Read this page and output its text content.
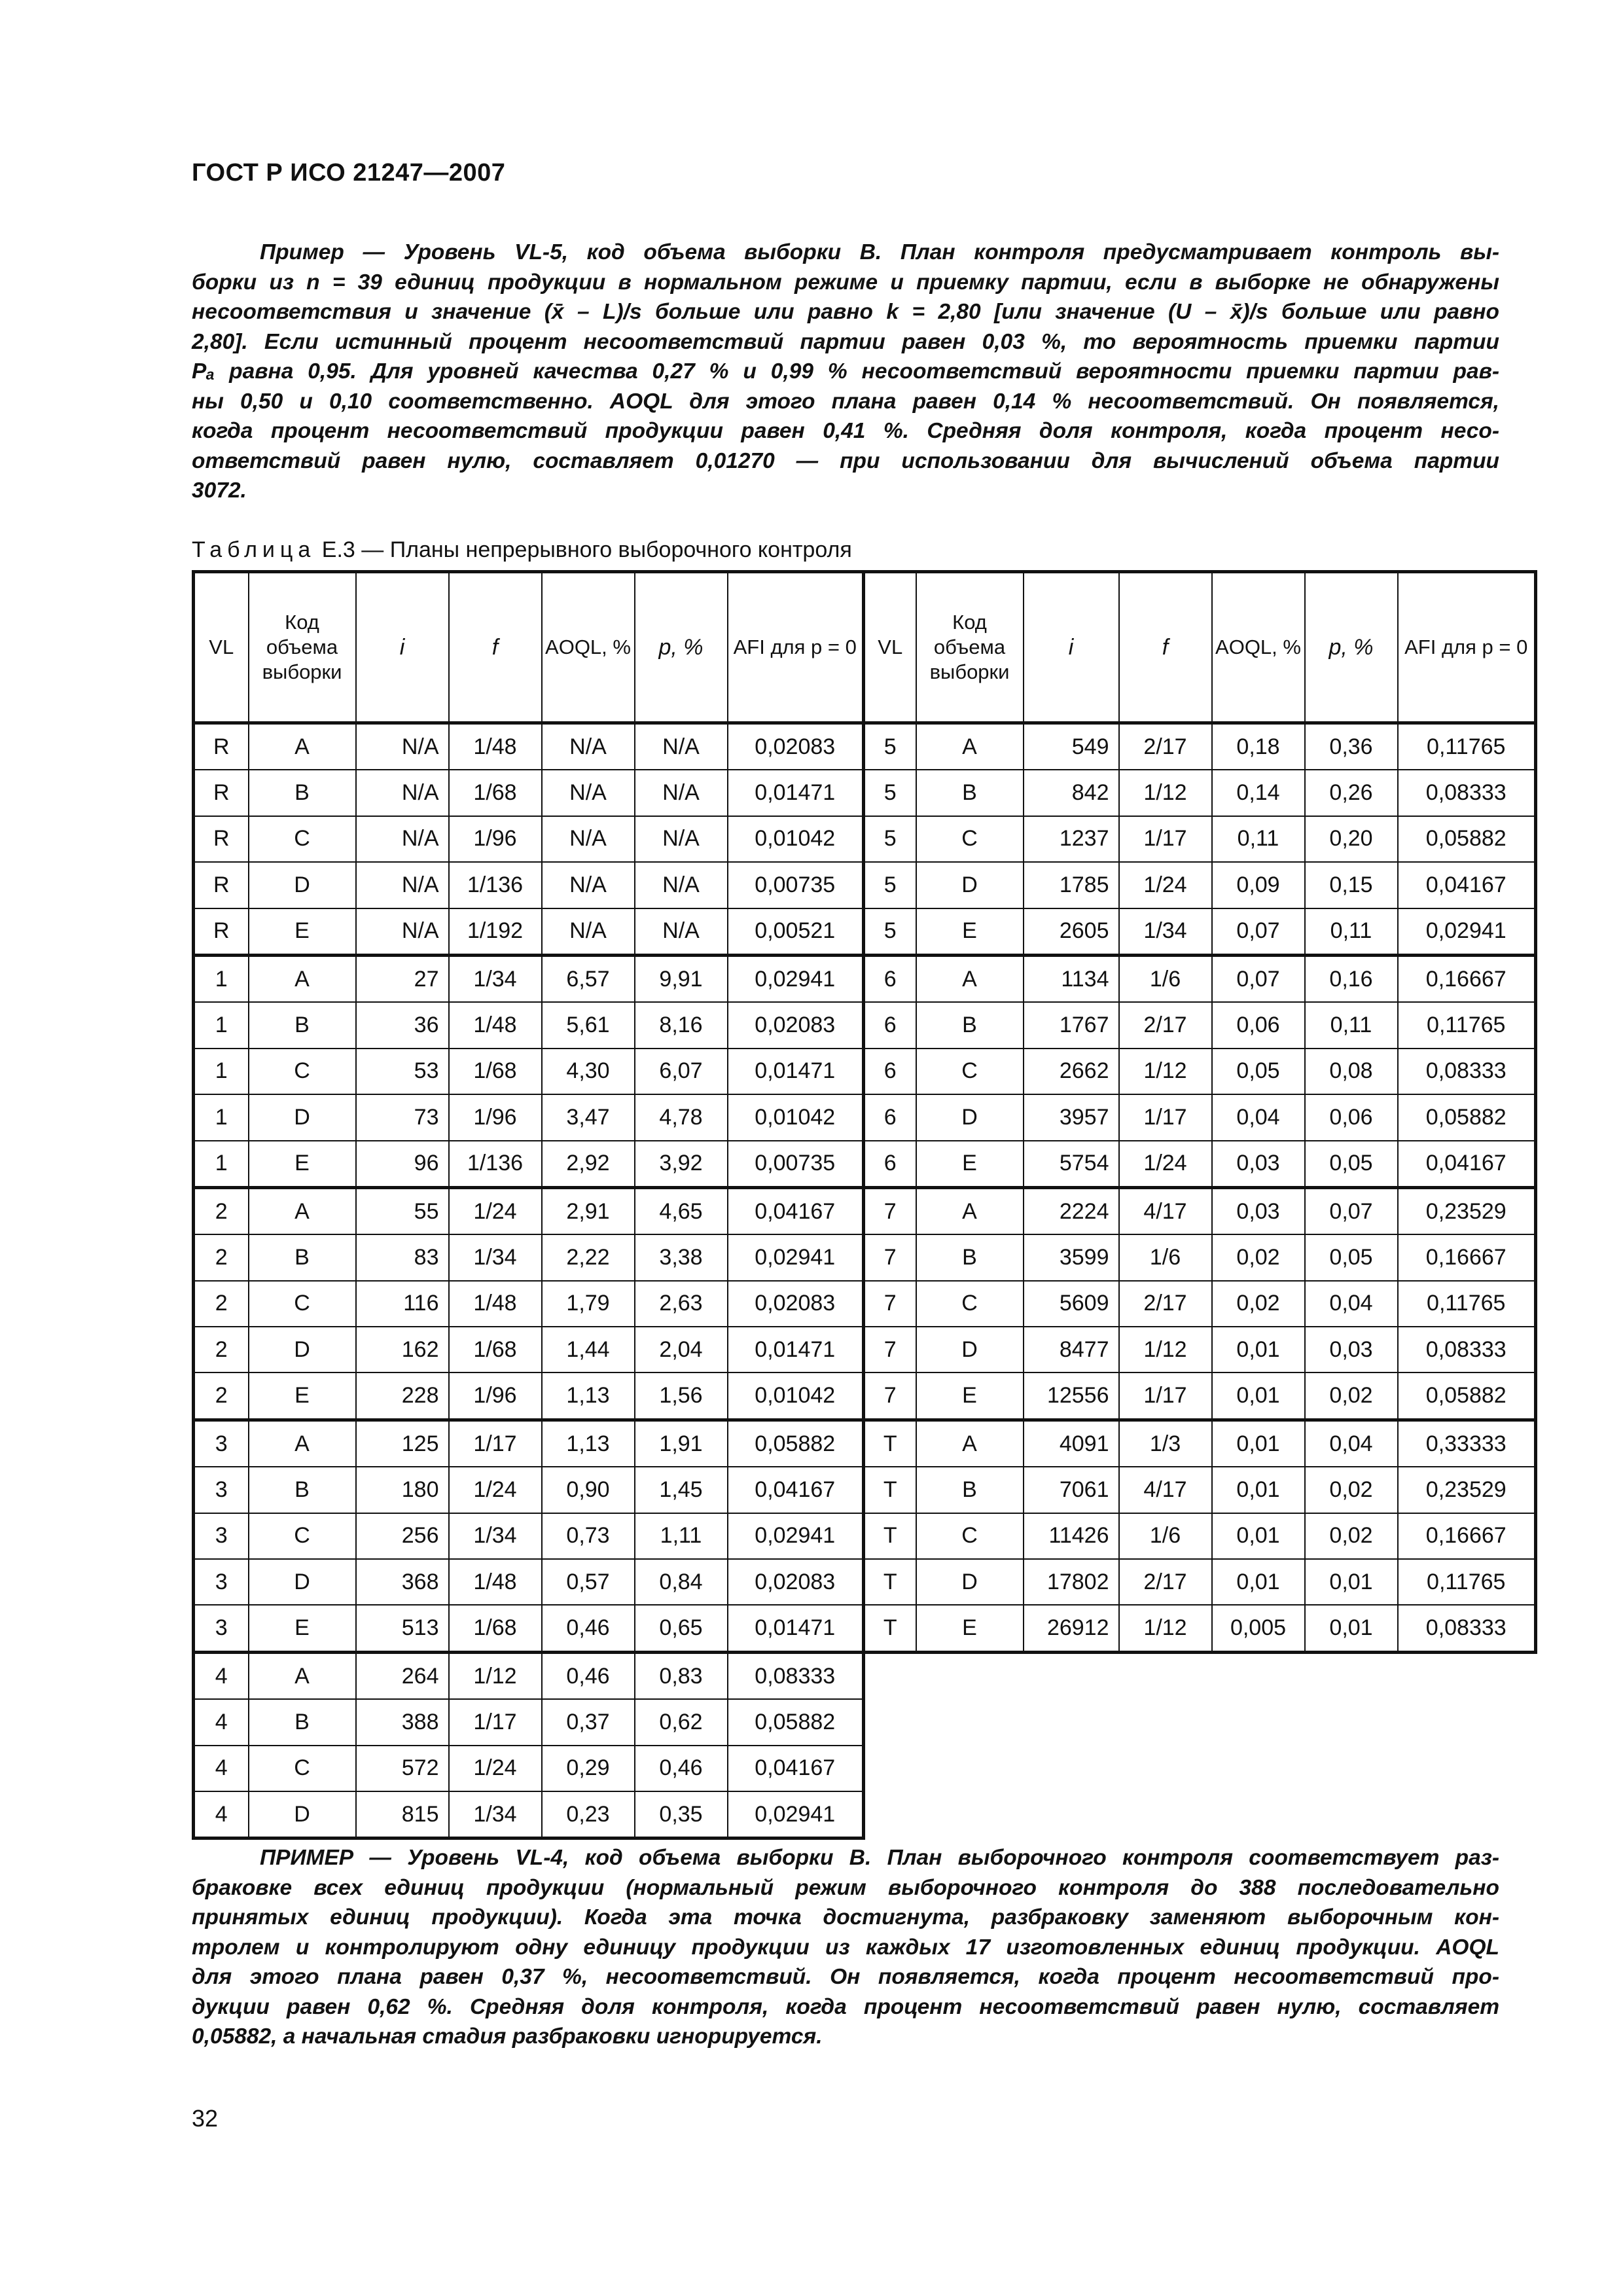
ГОСТ Р ИСО 21247—2007
Пример — Уровень VL-5, код объема выборки B. План контроля предусматривает контроль вы-
борки из n = 39 единиц продукции в нормальном режиме и приемку партии, если в выборке не обнаружены
несоответствия и значение (x̄ – L)/s больше или равно k = 2,80 [или значение (U – x̄)/s больше или равно
2,80]. Если истинный процент несоответствий партии равен 0,03 %, то вероятность приемки партии
Pₐ равна 0,95. Для уровней качества 0,27 % и 0,99 % несоответствий вероятности приемки партии рав-
ны 0,50 и 0,10 соответственно. AOQL для этого плана равен 0,14 % несоответствий. Он появляется,
когда процент несоответствий продукции равен 0,41 %. Средняя доля контроля, когда процент несо-
ответствий равен нулю, составляет 0,01270 — при использовании для вычислений объема партии
3072.
Таблица Е.3 — Планы непрерывного выборочного контроля
VL	Код объема выборки	i	f	AOQL, %	p, %	AFI для p = 0	VL	Код объема выборки	i	f	AOQL, %	p, %	AFI для p = 0
R	A	N/A	1/48	N/A	N/A	0,02083	5	A	549	2/17	0,18	0,36	0,11765
R	B	N/A	1/68	N/A	N/A	0,01471	5	B	842	1/12	0,14	0,26	0,08333
R	C	N/A	1/96	N/A	N/A	0,01042	5	C	1237	1/17	0,11	0,20	0,05882
R	D	N/A	1/136	N/A	N/A	0,00735	5	D	1785	1/24	0,09	0,15	0,04167
R	E	N/A	1/192	N/A	N/A	0,00521	5	E	2605	1/34	0,07	0,11	0,02941
1	A	27	1/34	6,57	9,91	0,02941	6	A	1134	1/6	0,07	0,16	0,16667
1	B	36	1/48	5,61	8,16	0,02083	6	B	1767	2/17	0,06	0,11	0,11765
1	C	53	1/68	4,30	6,07	0,01471	6	C	2662	1/12	0,05	0,08	0,08333
1	D	73	1/96	3,47	4,78	0,01042	6	D	3957	1/17	0,04	0,06	0,05882
1	E	96	1/136	2,92	3,92	0,00735	6	E	5754	1/24	0,03	0,05	0,04167
2	A	55	1/24	2,91	4,65	0,04167	7	A	2224	4/17	0,03	0,07	0,23529
2	B	83	1/34	2,22	3,38	0,02941	7	B	3599	1/6	0,02	0,05	0,16667
2	C	116	1/48	1,79	2,63	0,02083	7	C	5609	2/17	0,02	0,04	0,11765
2	D	162	1/68	1,44	2,04	0,01471	7	D	8477	1/12	0,01	0,03	0,08333
2	E	228	1/96	1,13	1,56	0,01042	7	E	12556	1/17	0,01	0,02	0,05882
3	A	125	1/17	1,13	1,91	0,05882	T	A	4091	1/3	0,01	0,04	0,33333
3	B	180	1/24	0,90	1,45	0,04167	T	B	7061	4/17	0,01	0,02	0,23529
3	C	256	1/34	0,73	1,11	0,02941	T	C	11426	1/6	0,01	0,02	0,16667
3	D	368	1/48	0,57	0,84	0,02083	T	D	17802	2/17	0,01	0,01	0,11765
3	E	513	1/68	0,46	0,65	0,01471	T	E	26912	1/12	0,005	0,01	0,08333
4	A	264	1/12	0,46	0,83	0,08333							
4	B	388	1/17	0,37	0,62	0,05882							
4	C	572	1/24	0,29	0,46	0,04167							
4	D	815	1/34	0,23	0,35	0,02941							
ПРИМЕР — Уровень VL-4, код объема выборки B. План выборочного контроля соответствует раз-
браковке всех единиц продукции (нормальный режим выборочного контроля до 388 последовательно
принятых единиц продукции). Когда эта точка достигнута, разбраковку заменяют выборочным кон-
тролем и контролируют одну единицу продукции из каждых 17 изготовленных единиц продукции. AOQL
для этого плана равен 0,37 %, несоответствий. Он появляется, когда процент несоответствий про-
дукции равен 0,62 %. Средняя доля контроля, когда процент несоответствий равен нулю, составляет
0,05882, а начальная стадия разбраковки игнорируется.
32
